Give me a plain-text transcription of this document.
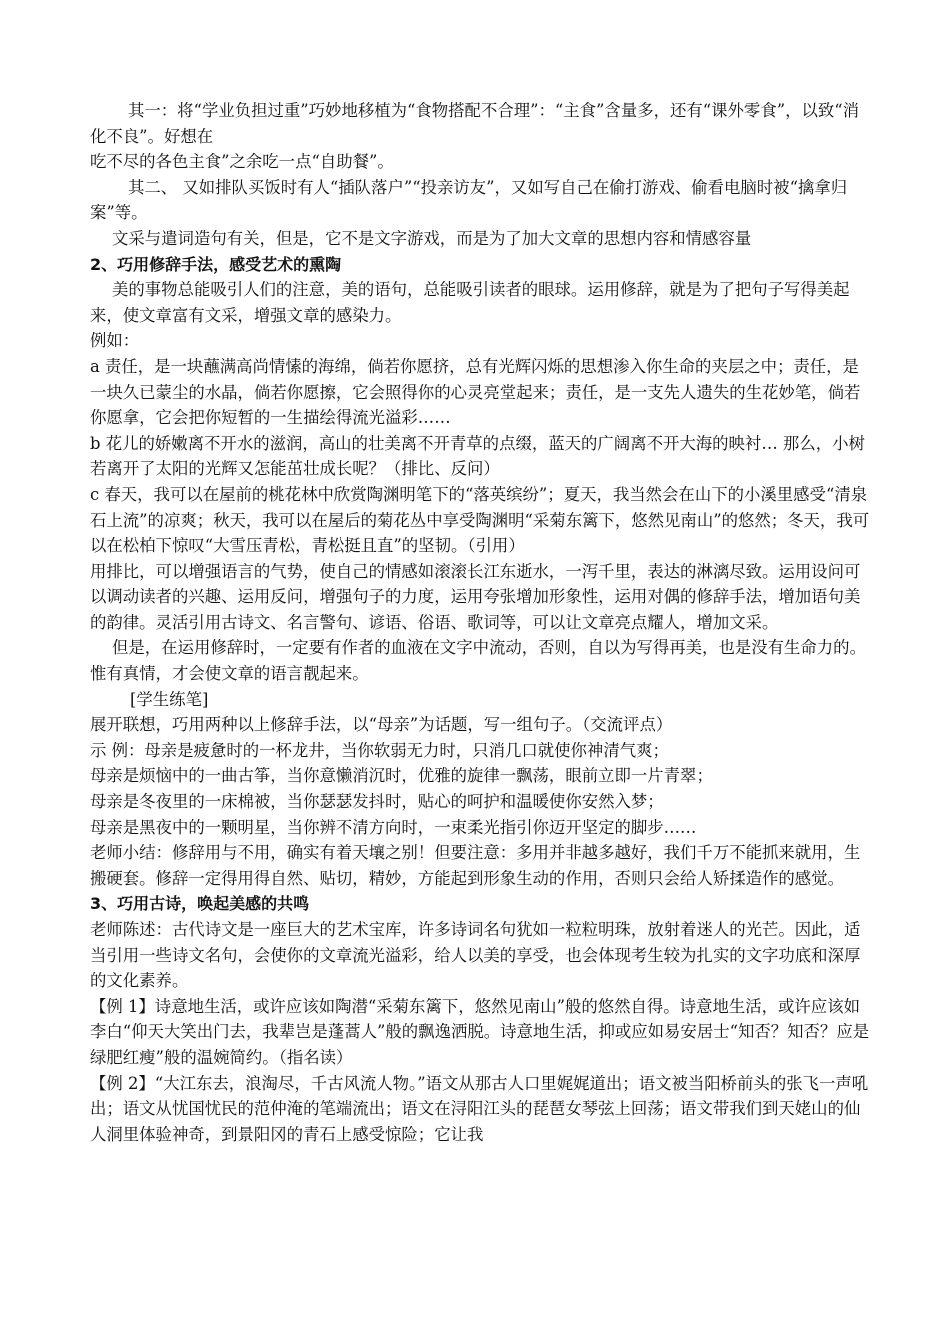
其一：将“学业负担过重”巧妙地移植为“食物搭配不合理”：“主食”含量多，还有“课外零食”，以致“消化不良”。好想在

吃不尽的各色主食”之余吃一点“自助餐”。

其二、 又如排队买饭时有人“插队落户”“投亲访友”，又如写自己在偷打游戏、偷看电脑时被“擒拿归案”等。

文采与遣词造句有关，但是，它不是文字游戏，而是为了加大文章的思想内容和情感容量

2、巧用修辞手法，感受艺术的熏陶

美的事物总能吸引人们的注意，美的语句，总能吸引读者的眼球。运用修辞，就是为了把句子写得美起来，使文章富有文采，增强文章的感染力。

例如：

a 责任，是一块蘸满高尚情愫的海绵，倘若你愿挤，总有光辉闪烁的思想渗入你生命的夹层之中；责任，是一块久已蒙尘的水晶，倘若你愿擦，它会照得你的心灵亮堂起来；责任，是一支先人遗失的生花妙笔，倘若你愿拿，它会把你短暂的一生描绘得流光溢彩……

b 花儿的娇嫩离不开水的滋润，高山的壮美离不开青草的点缀，蓝天的广阔离不开大海的映衬… 那么，小树若离开了太阳的光辉又怎能茁壮成长呢？（排比、反问）

c 春天，我可以在屋前的桃花林中欣赏陶渊明笔下的“落英缤纷”；夏天，我当然会在山下的小溪里感受“清泉石上流”的凉爽；秋天，我可以在屋后的菊花丛中享受陶渊明“采菊东篱下，悠然见南山”的悠然；冬天，我可以在松柏下惊叹“大雪压青松，青松挺且直”的坚韧。（引用）

用排比，可以增强语言的气势，使自己的情感如滚滚长江东逝水，一泻千里，表达的淋漓尽致。运用设问可以调动读者的兴趣、运用反问，增强句子的力度，运用夸张增加形象性，运用对偶的修辞手法，增加语句美的韵律。灵活引用古诗文、名言警句、谚语、俗语、歌词等，可以让文章亮点耀人，增加文采。

但是，在运用修辞时，一定要有作者的血液在文字中流动，否则，自以为写得再美，也是没有生命力的。惟有真情，才会使文章的语言靓起来。

[学生练笔]

展开联想，巧用两种以上修辞手法，以“母亲”为话题，写一组句子。（交流评点）

示 例：母亲是疲惫时的一杯龙井，当你软弱无力时，只消几口就使你神清气爽；

母亲是烦恼中的一曲古筝，当你意懒消沉时，优雅的旋律一飘荡，眼前立即一片青翠；

母亲是冬夜里的一床棉被，当你瑟瑟发抖时，贴心的呵护和温暖使你安然入梦；

母亲是黑夜中的一颗明星，当你辨不清方向时，一束柔光指引你迈开坚定的脚步……

老师小结：修辞用与不用，确实有着天壤之别！但要注意：多用并非越多越好，我们千万不能抓来就用，生搬硬套。修辞一定得用得自然、贴切，精妙，方能起到形象生动的作用，否则只会给人矫揉造作的感觉。

3、巧用古诗，唤起美感的共鸣

老师陈述：古代诗文是一座巨大的艺术宝库，许多诗词名句犹如一粒粒明珠，放射着迷人的光芒。因此，适当引用一些诗文名句，会使你的文章流光溢彩，给人以美的享受，也会体现考生较为扎实的文字功底和深厚的文化素养。

【例 1】诗意地生活，或许应该如陶潜“采菊东篱下，悠然见南山”般的悠然自得。诗意地生活，或许应该如李白“仰天大笑出门去，我辈岂是蓬蒿人”般的飘逸洒脱。诗意地生活，抑或应如易安居士“知否？知否？应是绿肥红瘦”般的温婉简约。（指名读）

【例 2】“大江东去，浪淘尽，千古风流人物。”语文从那古人口里娓娓道出；语文被当阳桥前头的张飞一声吼出；语文从忧国忧民的范仲淹的笔端流出；语文在浔阳江头的琵琶女琴弦上回荡；语文带我们到天姥山的仙人洞里体验神奇，到景阳冈的青石上感受惊险；它让我
